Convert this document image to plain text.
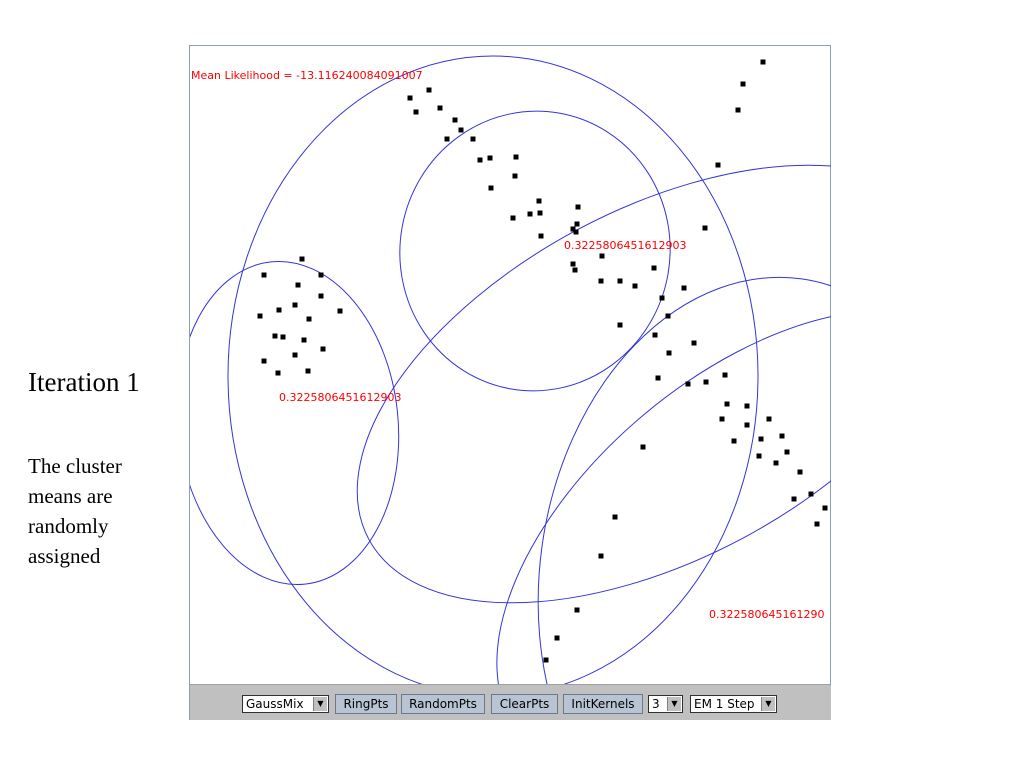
Iteration 1
The cluster means are randomly assigned
Mean Likelihood = -13.116240084091007
0.3225806451612903
0.3225806451612903
0.322580645161290
GaussMix	▼	RingPts	RandomPts	ClearPts	InitKernels	3	▼	EM 1 Step	▼
